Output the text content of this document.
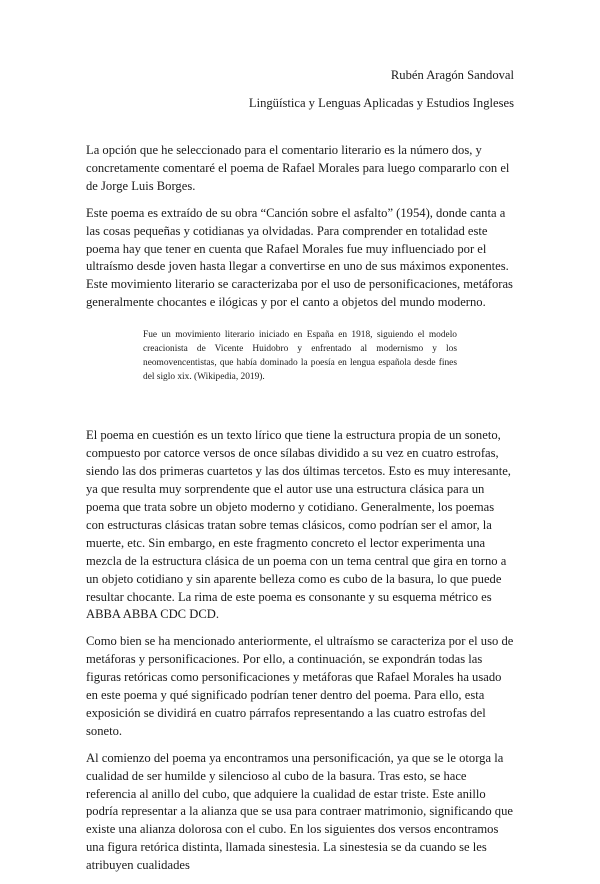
Rubén Aragón Sandoval

Lingüística y Lenguas Aplicadas y Estudios Ingleses

La opción que he seleccionado para el comentario literario es la número dos, y concretamente comentaré el poema de Rafael Morales para luego compararlo con el de Jorge Luis Borges.

Este poema es extraído de su obra “Canción sobre el asfalto” (1954), donde canta a las cosas pequeñas y cotidianas ya olvidadas. Para comprender en totalidad este poema hay que tener en cuenta que Rafael Morales fue muy influenciado por el ultraísmo desde joven hasta llegar a convertirse en uno de sus máximos exponentes. Este movimiento literario se caracterizaba por el uso de personificaciones, metáforas generalmente chocantes e ilógicas y por el canto a objetos del mundo moderno.

Fue un movimiento literario iniciado en España en 1918, siguiendo el modelo creacionista de Vicente Huidobro y enfrentado al modernismo y los neomovencentistas, que había dominado la poesía en lengua española desde fines del siglo xix. (Wikipedia, 2019).

El poema en cuestión es un texto lírico que tiene la estructura propia de un soneto, compuesto por catorce versos de once sílabas dividido a su vez en cuatro estrofas, siendo las dos primeras cuartetos y las dos últimas tercetos. Esto es muy interesante, ya que resulta muy sorprendente que el autor use una estructura clásica para un poema que trata sobre un objeto moderno y cotidiano. Generalmente, los poemas con estructuras clásicas tratan sobre temas clásicos, como podrían ser el amor, la muerte, etc. Sin embargo, en este fragmento concreto el lector experimenta una mezcla de la estructura clásica de un poema con un tema central que gira en torno a un objeto cotidiano y sin aparente belleza como es cubo de la basura, lo que puede resultar chocante. La rima de este poema es consonante y su esquema métrico es ABBA ABBA CDC DCD.

Como bien se ha mencionado anteriormente, el ultraísmo se caracteriza por el uso de metáforas y personificaciones. Por ello, a continuación, se expondrán todas las figuras retóricas como personificaciones y metáforas que Rafael Morales ha usado en este poema y qué significado podrían tener dentro del poema. Para ello, esta exposición se dividirá en cuatro párrafos representando a las cuatro estrofas del soneto.

Al comienzo del poema ya encontramos una personificación, ya que se le otorga la cualidad de ser humilde y silencioso al cubo de la basura. Tras esto, se hace referencia al anillo del cubo, que adquiere la cualidad de estar triste. Este anillo podría representar a la alianza que se usa para contraer matrimonio, significando que existe una alianza dolorosa con el cubo. En los siguientes dos versos encontramos una figura retórica distinta, llamada sinestesia. La sinestesia se da cuando se les atribuyen cualidades
